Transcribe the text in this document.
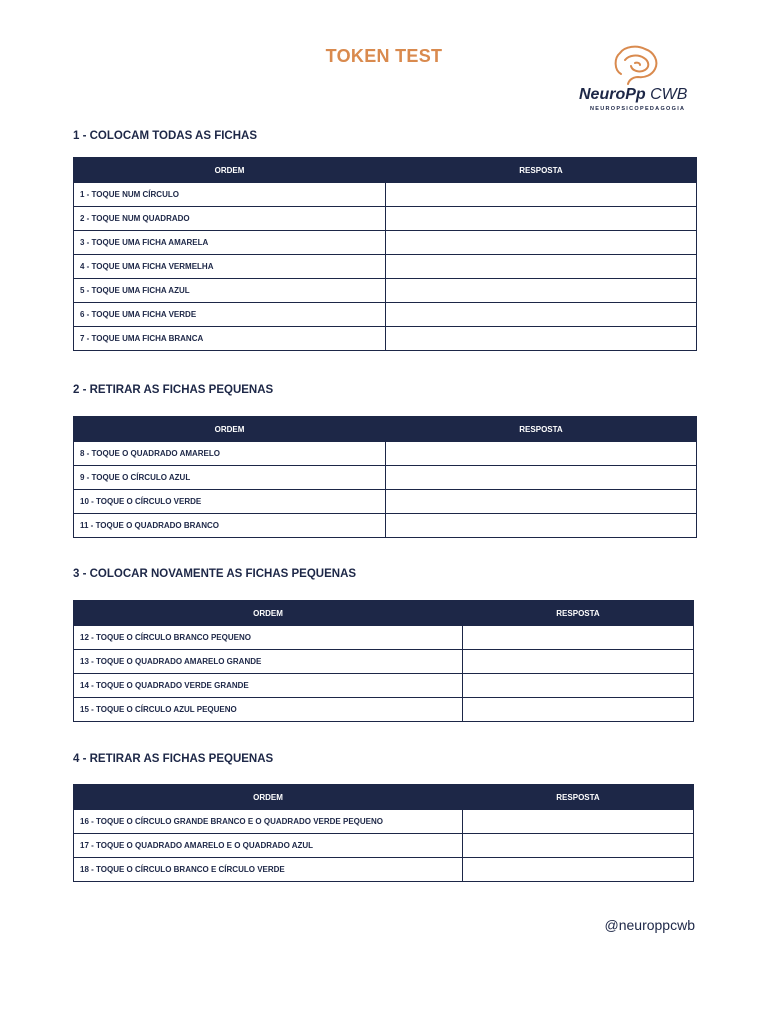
TOKEN TEST
NeuroPp CWB
NEUROPSICOPEDAGOGIA
1 - COLOCAM TODAS AS FICHAS
ORDEM	RESPOSTA
1 - TOQUE NUM CÍRCULO	
2 - TOQUE NUM QUADRADO	
3 - TOQUE UMA FICHA AMARELA	
4 - TOQUE UMA FICHA VERMELHA	
5 - TOQUE UMA FICHA AZUL	
6 - TOQUE UMA FICHA VERDE	
7 - TOQUE UMA FICHA BRANCA	
2 - RETIRAR AS FICHAS PEQUENAS
ORDEM	RESPOSTA
8 - TOQUE O QUADRADO AMARELO	
9 - TOQUE O CÍRCULO AZUL	
10 - TOQUE O CÍRCULO VERDE	
11 - TOQUE O QUADRADO BRANCO	
3 - COLOCAR NOVAMENTE AS FICHAS PEQUENAS
ORDEM	RESPOSTA
12 - TOQUE O CÍRCULO BRANCO PEQUENO	
13 - TOQUE O QUADRADO AMARELO GRANDE	
14 - TOQUE O QUADRADO VERDE GRANDE	
15 - TOQUE O CÍRCULO AZUL PEQUENO	
4 - RETIRAR AS FICHAS PEQUENAS
ORDEM	RESPOSTA
16 - TOQUE O CÍRCULO GRANDE BRANCO E O QUADRADO VERDE PEQUENO	
17 - TOQUE O QUADRADO AMARELO E O QUADRADO AZUL	
18 - TOQUE O CÍRCULO BRANCO E CÍRCULO VERDE	
@neuroppcwb
